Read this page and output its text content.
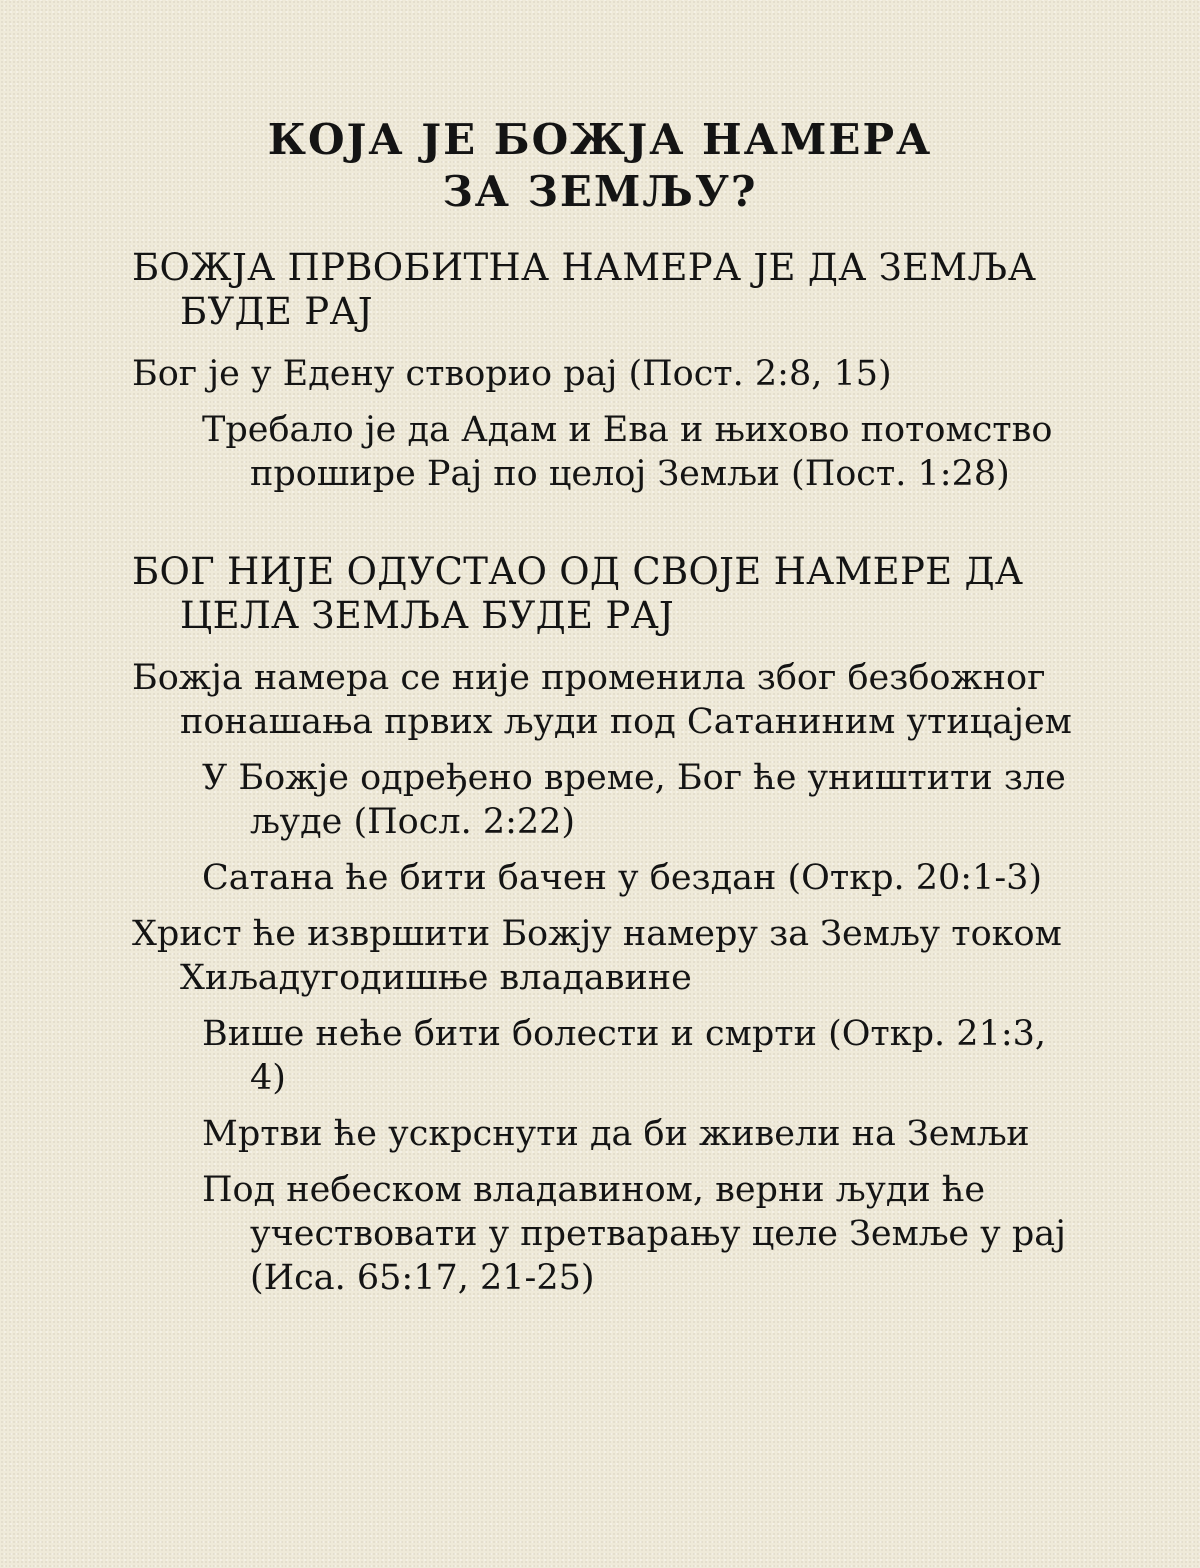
КОЈА ЈЕ БОЖЈА НАМЕРА
ЗА ЗЕМЉУ?
БОЖЈА ПРВОБИТНА НАМЕРА ЈЕ ДА ЗЕМЉА БУДЕ РАЈ

Бог је у Едену створио рај (Пост. 2:8, 15)

Требало је да Адам и Ева и њихово потомство прошире Рај по целој Земљи (Пост. 1:28)

БОГ НИЈЕ ОДУСТАО ОД СВОЈЕ НАМЕРЕ ДА ЦЕЛА ЗЕМЉА БУДЕ РАЈ

Божја намера се није променила због безбожног понашања првих људи под Сатаниним утицајем

У Божје одређено време, Бог ће уништити зле људе (Посл. 2:22)

Сатана ће бити бачен у бездан (Откр. 20:1-3)

Христ ће извршити Божју намеру за Земљу током Хиљадугодишње владавине

Више неће бити болести и смрти (Откр. 21:3, 4)

Мртви ће ускрснути да би живели на Земљи

Под небеском владавином, верни људи ће учествовати у претварању целе Земље у рај (Иса. 65:17, 21-25)
